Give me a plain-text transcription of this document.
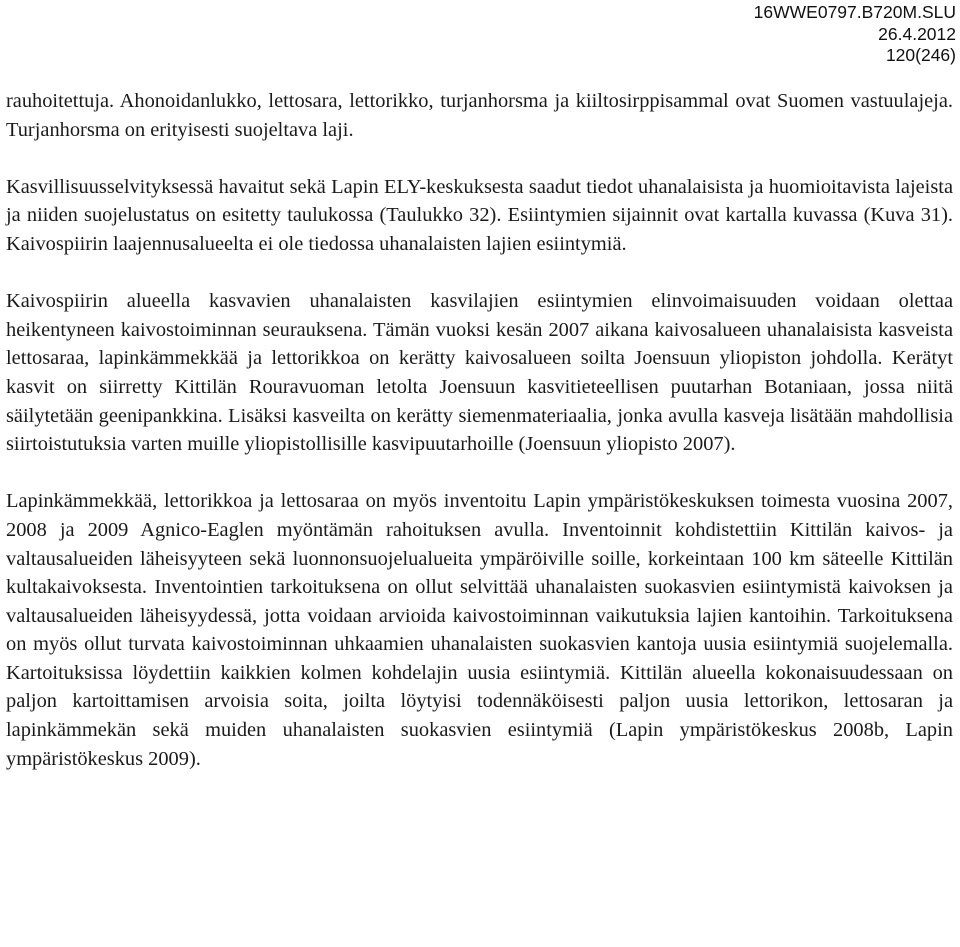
16WWE0797.B720M.SLU
26.4.2012
120(246)

rauhoitettuja. Ahonoidanlukko, lettosara, lettorikko, turjanhorsma ja kiiltosirppisammal ovat Suomen vastuulajeja. Turjanhorsma on erityisesti suojeltava laji.

Kasvillisuusselvityksessä havaitut sekä Lapin ELY-keskuksesta saadut tiedot uhanalaisista ja huomioitavista lajeista ja niiden suojelustatus on esitetty taulukossa (Taulukko 32). Esiintymien sijainnit ovat kartalla kuvassa (Kuva 31). Kaivospiirin laajennusalueelta ei ole tiedossa uhanalaisten lajien esiintymiä.

Kaivospiirin alueella kasvavien uhanalaisten kasvilajien esiintymien elinvoimaisuuden voidaan olettaa heikentyneen kaivostoiminnan seurauksena. Tämän vuoksi kesän 2007 aikana kaivosalueen uhanalaisista kasveista lettosaraa, lapinkämmekkää ja lettorikkoa on kerätty kaivosalueen soilta Joensuun yliopiston johdolla. Kerätyt kasvit on siirretty Kittilän Rouravuoman letolta Joensuun kasvitieteellisen puutarhan Botaniaan, jossa niitä säilytetään geenipankkina. Lisäksi kasveilta on kerätty siemenmateriaalia, jonka avulla kasveja lisätään mahdollisia siirtoistutuksia varten muille yliopistollisille kasvipuutarhoille (Joensuun yliopisto 2007).

Lapinkämmekkää, lettorikkoa ja lettosaraa on myös inventoitu Lapin ympäristökeskuksen toimesta vuosina 2007, 2008 ja 2009 Agnico-Eaglen myöntämän rahoituksen avulla. Inventoinnit kohdistettiin Kittilän kaivos- ja valtausalueiden läheisyyteen sekä luonnonsuojelualueita ympäröiville soille, korkeintaan 100 km säteelle Kittilän kultakaivoksesta. Inventointien tarkoituksena on ollut selvittää uhanalaisten suokasvien esiintymistä kaivoksen ja valtausalueiden läheisyydessä, jotta voidaan arvioida kaivostoiminnan vaikutuksia lajien kantoihin. Tarkoituksena on myös ollut turvata kaivostoiminnan uhkaamien uhanalaisten suokasvien kantoja uusia esiintymiä suojelemalla. Kartoituksissa löydettiin kaikkien kolmen kohdelajin uusia esiintymiä. Kittilän alueella kokonaisuudessaan on paljon kartoittamisen arvoisia soita, joilta löytyisi todennäköisesti paljon uusia lettorikon, lettosaran ja lapinkämmekän sekä muiden uhanalaisten suokasvien esiintymiä (Lapin ympäristökeskus 2008b, Lapin ympäristökeskus 2009).
